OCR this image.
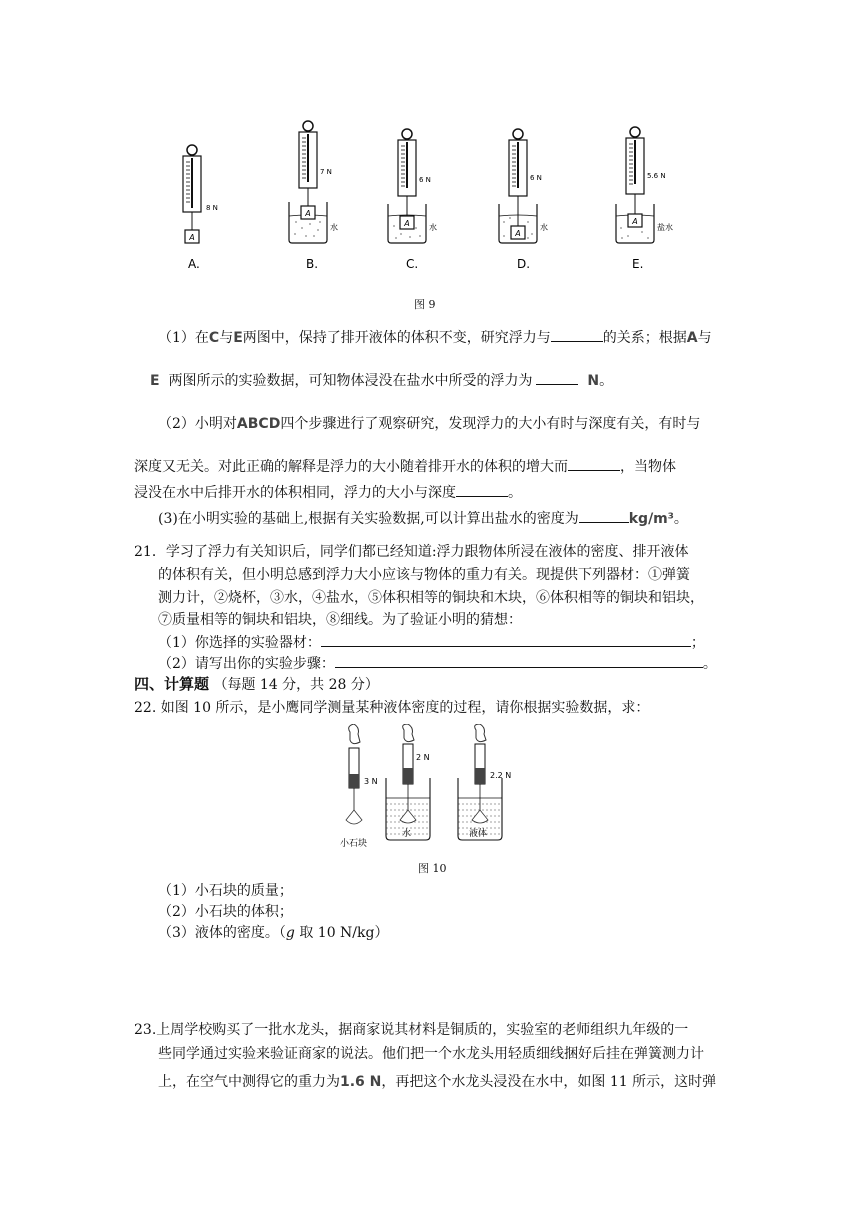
A
8 N
7 N
A
水
6 N
A 水
6 N
A
水
5.6 N
A
盐水
A.	B.	C.	D.	E.
图 9
（1）在C与E两图中，保持了排开液体的体积不变，研究浮力与	的关系；根据A与
E 两图所示的实验数据，可知物体浸没在盐水中所受的浮力为	N。
（2）小明对ABCD四个步骤进行了观察研究，发现浮力的大小有时与深度有关，有时与
深度又无关。对此正确的解释是浮力的大小随着排开水的体积的增大而	，当物体
浸没在水中后排开水的体积相同，浮力的大小与深度	。
(3)在小明实验的基础上,根据有关实验数据,可以计算出盐水的密度为	kg/m³。
21．学习了浮力有关知识后，同学们都已经知道:浮力跟物体所浸在液体的密度、排开液体
的体积有关，但小明总感到浮力大小应该与物体的重力有关。现提供下列器材：①弹簧
测力计，②烧杯，③水，④盐水，⑤体积相等的铜块和木块，⑥体积相等的铜块和铝块，
⑦质量相等的铜块和铝块，⑧细线。为了验证小明的猜想：
（1）你选择的实验器材：	；
（2）请写出你的实验步骤：	。
四、计算题 （每题 14 分，共 28 分）
22. 如图 10 所示，是小鹰同学测量某种液体密度的过程，请你根据实验数据，求：
3 N
小石块
2 N
水
2.2 N
液体
图 10
（1）小石块的质量；
（2）小石块的体积；
（3）液体的密度。（g 取 10 N/kg）
23.上周学校购买了一批水龙头，据商家说其材料是铜质的，实验室的老师组织九年级的一
些同学通过实验来验证商家的说法。他们把一个水龙头用轻质细线捆好后挂在弹簧测力计
上，在空气中测得它的重力为1.6 N，再把这个水龙头浸没在水中，如图 11 所示，这时弹
